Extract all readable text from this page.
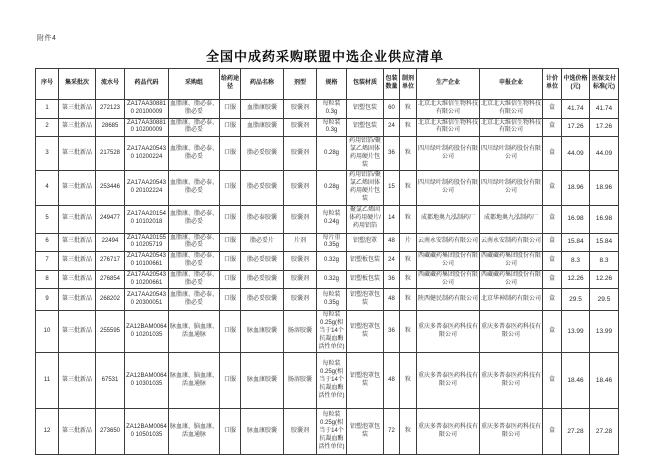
附件4
全国中成药采购联盟中选企业供应清单
序号	集采批次	流水号	药品代码	采购组	给药途径	药品名称	剂型	规格	包装材质	包装数量	制剂单位	生产企业	申报企业	计价单位	中选价格(元)	医保支付标准(元)
1	第三批新品	272123	ZA17AA308810 20100009	血脂康、脂必泰、脂必妥	口服	血脂康胶囊	胶囊剂	每粒装0.3g	铝塑包装	60	粒	北京北大维信生物科技有限公司	北京北大维信生物科技有限公司	盒	41.74	41.74
2	第三批新品	28685	ZA17AA308810 10200009	血脂康、脂必泰、脂必妥	口服	血脂康胶囊	胶囊剂	每粒装0.3g	铝塑包装	24	粒	北京北大维信生物科技有限公司	北京北大维信生物科技有限公司	盒	17.26	17.26
3	第三批新品	217528	ZA17AA205430 10200224	血脂康、脂必泰、脂必妥	口服	脂必妥胶囊	胶囊剂	0.28g	药用铝箔/聚氯乙烯固体药用硬片包装	36	粒	四川绿叶制药股份有限公司	四川绿叶制药股份有限公司	盒	44.09	44.09
4	第三批新品	253446	ZA17AA205430 20102224	血脂康、脂必泰、脂必妥	口服	脂必妥胶囊	胶囊剂	0.28g	药用铝箔/聚氯乙烯固体药用硬片包装	15	粒	四川绿叶制药股份有限公司	四川绿叶制药股份有限公司	盒	18.96	18.96
5	第三批新品	249477	ZA17AA201540 10102018	血脂康、脂必泰、脂必妥	口服	脂必泰胶囊	胶囊剂	每粒装0.24g	聚氯乙烯固体药用硬片/药用铝箔	14	粒	成都地奥九泓制药厂	成都地奥九泓制药厂	盒	16.98	16.98
6	第三批新品	22494	ZA17AA201550 10205719	血脂康、脂必泰、脂必妥	口服	脂必妥片	片剂	每片重0.35g	铝塑泡罩	48	片	云南永安制药有限公司	云南永安制药有限公司	盒	15.84	15.84
7	第三批新品	276717	ZA17AA205430 10100661	血脂康、脂必泰、脂必妥	口服	脂必妥胶囊	胶囊剂	0.32g	铝塑板包装	24	粒	西藏藏药集团股份有限公司	西藏藏药集团股份有限公司	盒	8.3	8.3
8	第三批新品	276854	ZA17AA205430 10200661	血脂康、脂必泰、脂必妥	口服	脂必妥胶囊	胶囊剂	0.32g	铝塑板包装	36	粒	西藏藏药集团股份有限公司	西藏藏药集团股份有限公司	盒	12.26	12.26
9	第三批新品	268202	ZA17AA205430 20300051	血脂康、脂必泰、脂必妥	口服	脂必妥胶囊	胶囊剂	每粒装0.35g	铝塑泡罩包装	48	粒	陕西健民制药有限公司	北京华神制药有限公司	盒	29.5	29.5
10	第三批新品	255595	ZA12BAM00640 10201035	脉血康、脑血康、活血通脉	口服	脉血康胶囊	肠溶胶囊	每粒装0.25g(相当于14个抗凝血酶活性单位)	铝塑泡罩包装	36	粒	重庆多普泰医药科技有限公司	重庆多普泰医药科技有限公司	盒	13.99	13.99
11	第三批新品	67531	ZA12BAM00640 10301035	脉血康、脑血康、活血通脉	口服	脉血康胶囊	肠溶胶囊	每粒装0.25g(相当于14个抗凝血酶活性单位)	铝塑泡罩包装	48	粒	重庆多普泰医药科技有限公司	重庆多普泰医药科技有限公司	盒	18.46	18.46
12	第三批新品	273650	ZA12BAM00640 10501035	脉血康、脑血康、活血通脉	口服	脉血康胶囊	胶囊剂	每粒装0.25g(相当于14个抗凝血酶活性单位)	铝塑泡罩包装	72	粒	重庆多普泰医药科技有限公司	重庆多普泰医药科技有限公司	盒	27.28	27.28
